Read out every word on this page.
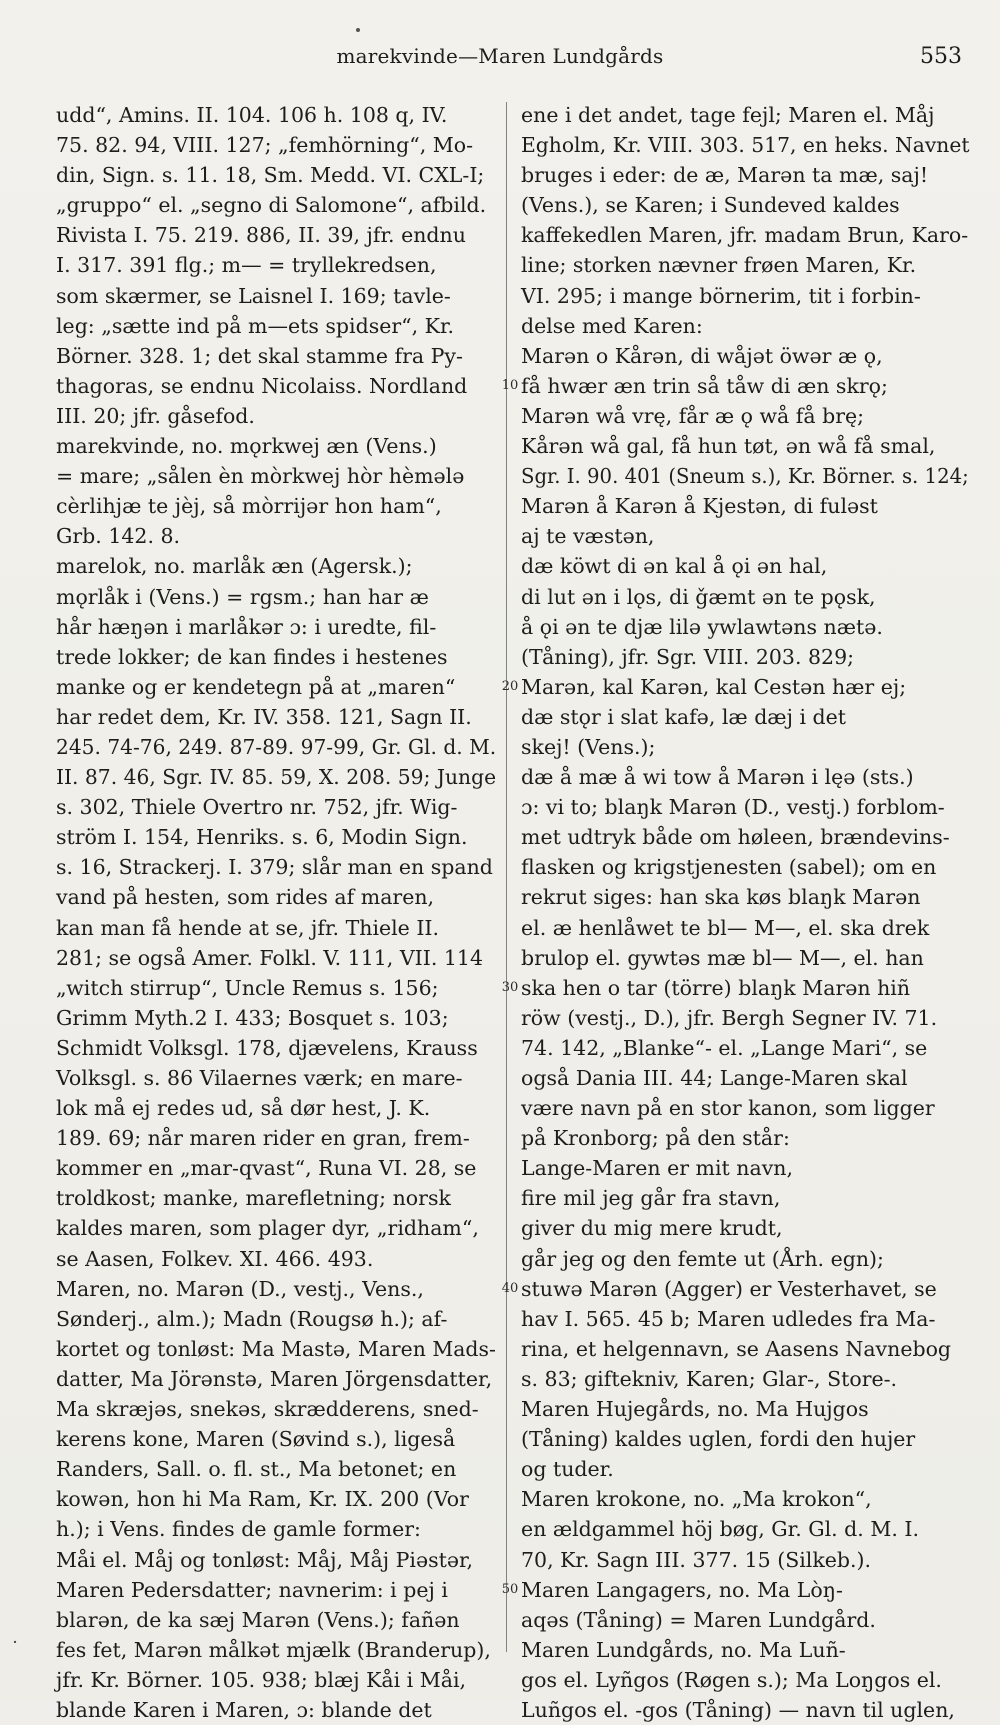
marekvinde—Maren Lundgårds	553
udd“, Amins. II. 104. 106 h. 108 q, IV.
75. 82. 94, VIII. 127; „femhörning“, Mo-
din, Sign. s. 11. 18, Sm. Medd. VI. CXL-I;
„gruppo“ el. „segno di Salomone“, afbild.
Rivista I. 75. 219. 886, II. 39, jfr. endnu
I. 317. 391 flg.; m— = tryllekredsen,
som skærmer, se Laisnel I. 169; tavle-
leg: „sætte ind på m—ets spidser“, Kr.
Börner. 328. 1; det skal stamme fra Py-
thagoras, se endnu Nicolaiss. Nordland
III. 20; jfr. gåsefod.
marekvinde, no. mǫrkwej æn (Vens.)
= mare; „sålen èn mòrkwej hòr hèmələ
cèrlihjæ te jèj, så mòrrijər hon ham“,
Grb. 142. 8.
marelok, no. marlåk æn (Agersk.);
mǫrlåk i (Vens.) = rgsm.; han har æ
hår hæŋən i marlåkər ɔ: i uredte, fil-
trede lokker; de kan findes i hestenes
manke og er kendetegn på at „maren“
har redet dem, Kr. IV. 358. 121, Sagn II.
245. 74-76, 249. 87-89. 97-99, Gr. Gl. d. M.
II. 87. 46, Sgr. IV. 85. 59, X. 208. 59; Junge
s. 302, Thiele Overtro nr. 752, jfr. Wig-
ström I. 154, Henriks. s. 6, Modin Sign.
s. 16, Strackerj. I. 379; slår man en spand
vand på hesten, som rides af maren,
kan man få hende at se, jfr. Thiele II.
281; se også Amer. Folkl. V. 111, VII. 114
„witch stirrup“, Uncle Remus s. 156;
Grimm Myth.2 I. 433; Bosquet s. 103;
Schmidt Volksgl. 178, djævelens, Krauss
Volksgl. s. 86 Vilaernes værk; en mare-
lok må ej redes ud, så dør hest, J. K.
189. 69; når maren rider en gran, frem-
kommer en „mar-qvast“, Runa VI. 28, se
troldkost; manke, marefletning; norsk
kaldes maren, som plager dyr, „ridham“,
se Aasen, Folkev. XI. 466. 493.
Maren, no. Marən (D., vestj., Vens.,
Sønderj., alm.); Madn (Rougsø h.); af-
kortet og tonløst: Ma Mastə, Maren Mads-
datter, Ma Jörənstə, Maren Jörgensdatter,
Ma skræjəs, snekəs, skrædderens, sned-
kerens kone, Maren (Søvind s.), ligeså
Randers, Sall. o. fl. st., Ma betonet; en
kowən, hon hi Ma Ram, Kr. IX. 200 (Vor
h.); i Vens. findes de gamle former:
Måi el. Måj og tonløst: Måj, Måj Piəstər,
Maren Pedersdatter; navnerim: i pej i
blarən, de ka sæj Marən (Vens.); fañən
fes fet, Marən målkət mjælk (Branderup),
jfr. Kr. Börner. 105. 938; blæj Kåi i Måi,
blande Karen i Maren, ɔ: blande det
ene i det andet, tage fejl; Maren el. Måj
Egholm, Kr. VIII. 303. 517, en heks. Navnet
bruges i eder: de æ, Marən ta mæ, saj!
(Vens.), se Karen; i Sundeved kaldes
kaffekedlen Maren, jfr. madam Brun, Karo-
line; storken nævner frøen Maren, Kr.
VI. 295; i mange börnerim, tit i forbin-
delse med Karen:
Marən o Kårən, di wåjət öwər æ ǫ,
få hwær æn trin så tåw di æn skrǫ;
Marən wå vrę, får æ ǫ wå få brę;
Kårən wå gal, få hun tøt, ən wå få smal,
Sgr. I. 90. 401 (Sneum s.), Kr. Börner. s. 124;
Marən å Karən å Kjestən, di fuləst
aj te væstən,
dæ köwt di ən kal å ǫi ən hal,
di lut ən i lǫs, di ǧæmt ən te pǫsk,
å ǫi ən te djæ lilə ywlawtəns nætə.
(Tåning), jfr. Sgr. VIII. 203. 829;
Marən, kal Karən, kal Cestən hær ej;
dæ stǫr i slat kafə, læ dæj i det
skej! (Vens.);
dæ å mæ å wi tow å Marən i lęə (sts.)
ɔ: vi to; blaŋk Marən (D., vestj.) forblom-
met udtryk både om høleen, brændevins-
flasken og krigstjenesten (sabel); om en
rekrut siges: han ska køs blaŋk Marən
el. æ henlåwet te bl— M—, el. ska drek
brulop el. gywtəs mæ bl— M—, el. han
ska hen o tar (törre) blaŋk Marən hiñ
röw (vestj., D.), jfr. Bergh Segner IV. 71.
74. 142, „Blanke“- el. „Lange Mari“, se
også Dania III. 44; Lange-Maren skal
være navn på en stor kanon, som ligger
på Kronborg; på den står:
Lange-Maren er mit navn,
fire mil jeg går fra stavn,
giver du mig mere krudt,
går jeg og den femte ut (Årh. egn);
stuwə Marən (Agger) er Vesterhavet, se
hav I. 565. 45 b; Maren udledes fra Ma-
rina, et helgennavn, se Aasens Navnebog
s. 83; giftekniv, Karen; Glar-, Store-.
Maren Hujegårds, no. Ma Hujgos
(Tåning) kaldes uglen, fordi den hujer
og tuder.
Maren krokone, no. „Ma krokon“,
en ældgammel höj bøg, Gr. Gl. d. M. I.
70, Kr. Sagn III. 377. 15 (Silkeb.).
Maren Langagers, no. Ma Lòŋ-
aqəs (Tåning) = Maren Lundgård.
Maren Lundgårds, no. Ma Luñ-
gos el. Lyñgos (Røgen s.); Ma Loŋgos el.
Luñgos el. -gos (Tåning) — navn til uglen,
10
20
30
40
50
˙
